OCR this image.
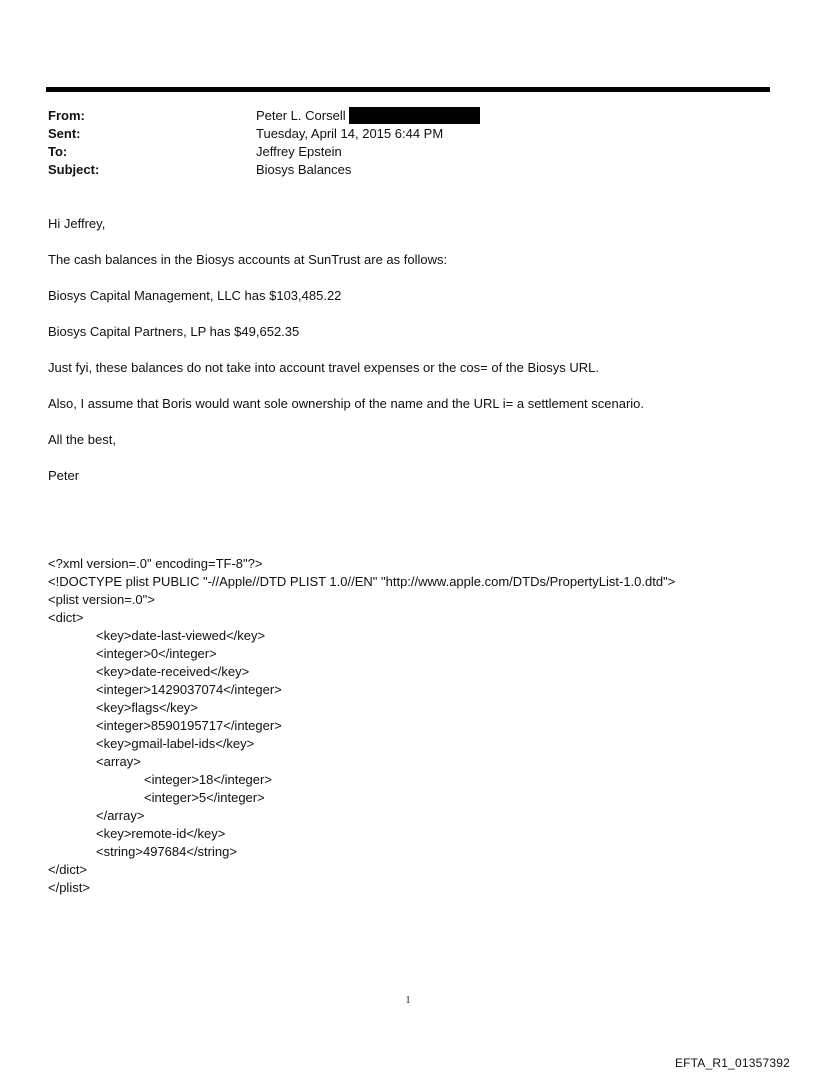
From:	Peter L. Corsell
Sent:	Tuesday, April 14, 2015 6:44 PM
To:	Jeffrey Epstein
Subject:	Biosys Balances
Hi Jeffrey,
The cash balances in the Biosys accounts at SunTrust are as follows:
Biosys Capital Management, LLC has $103,485.22
Biosys Capital Partners, LP has $49,652.35
Just fyi, these balances do not take into account travel expenses or the cos= of the Biosys URL.
Also, I assume that Boris would want sole ownership of the name and the URL i= a settlement scenario.
All the best,
Peter
<?xml version=.0" encoding=TF-8"?>
<!DOCTYPE plist PUBLIC "-//Apple//DTD PLIST 1.0//EN" "http://www.apple.com/DTDs/PropertyList-1.0.dtd">
<plist version=.0">
<dict>
<key>date-last-viewed</key>
<integer>0</integer>
<key>date-received</key>
<integer>1429037074</integer>
<key>flags</key>
<integer>8590195717</integer>
<key>gmail-label-ids</key>
<array>
<integer>18</integer>
<integer>5</integer>
</array>
<key>remote-id</key>
<string>497684</string>
</dict>
</plist>
1
EFTA_R1_01357392
